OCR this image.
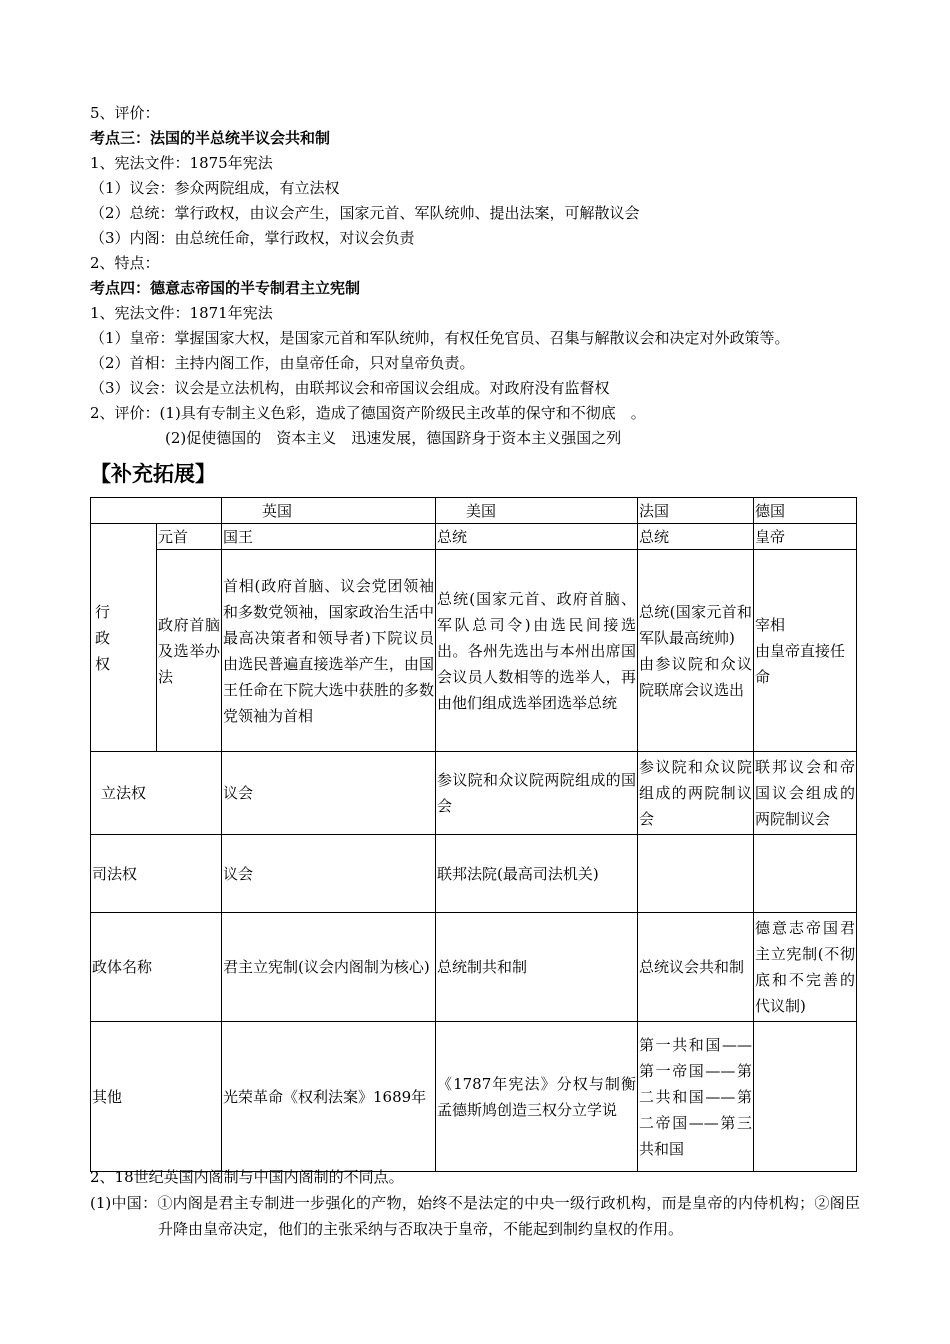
5、评价：
考点三：法国的半总统半议会共和制
1、宪法文件：1875年宪法
（1）议会：参众两院组成，有立法权
（2）总统：掌行政权，由议会产生，国家元首、军队统帅、提出法案，可解散议会
（3）内阁：由总统任命，掌行政权，对议会负责
2、特点：
考点四：德意志帝国的半专制君主立宪制
1、宪法文件：1871年宪法
（1）皇帝：掌握国家大权，是国家元首和军队统帅，有权任免官员、召集与解散议会和决定对外政策等。
（2）首相：主持内阁工作，由皇帝任命，只对皇帝负责。
（3）议会：议会是立法机构，由联邦议会和帝国议会组成。对政府没有监督权
2、评价：(1)具有专制主义色彩，造成了德国资产阶级民主改革的保守和不彻底　。
　　　　　(2)促使德国的　资本主义　迅速发展，德国跻身于资本主义强国之列
【补充拓展】
		英国	美国	法国	德国
行
政
权	元首	国王	总统	总统	皇帝
	政府首脑及选举办法	首相(政府首脑、议会党团领袖和多数党领袖，国家政治生活中最高决策者和领导者)下院议员由选民普遍直接选举产生，由国王任命在下院大选中获胜的多数党领袖为首相	总统(国家元首、政府首脑、军队总司令)由选民间接选出。各州先选出与本州出席国会议员人数相等的选举人，再由他们组成选举团选举总统	总统(国家元首和军队最高统帅)
由参议院和众议院联席会议选出	宰相
由皇帝直接任命
立法权		议会	参议院和众议院两院组成的国会	参议院和众议院组成的两院制议会	联邦议会和帝国议会组成的两院制议会
司法权		议会	联邦法院(最高司法机关)		
政体名称		君主立宪制(议会内阁制为核心)	总统制共和制	总统议会共和制	德意志帝国君主立宪制(不彻底和不完善的代议制)
其他		光荣革命《权利法案》1689年	《1787年宪法》分权与制衡孟德斯鸠创造三权分立学说	第一共和国——第一帝国——第二共和国——第二帝国——第三共和国	
2、18世纪英国内阁制与中国内阁制的不同点。
(1)中国：①内阁是君主专制进一步强化的产物，始终不是法定的中央一级行政机构，而是皇帝的内侍机构；②阁臣升降由皇帝决定，他们的主张采纳与否取决于皇帝，不能起到制约皇权的作用。
